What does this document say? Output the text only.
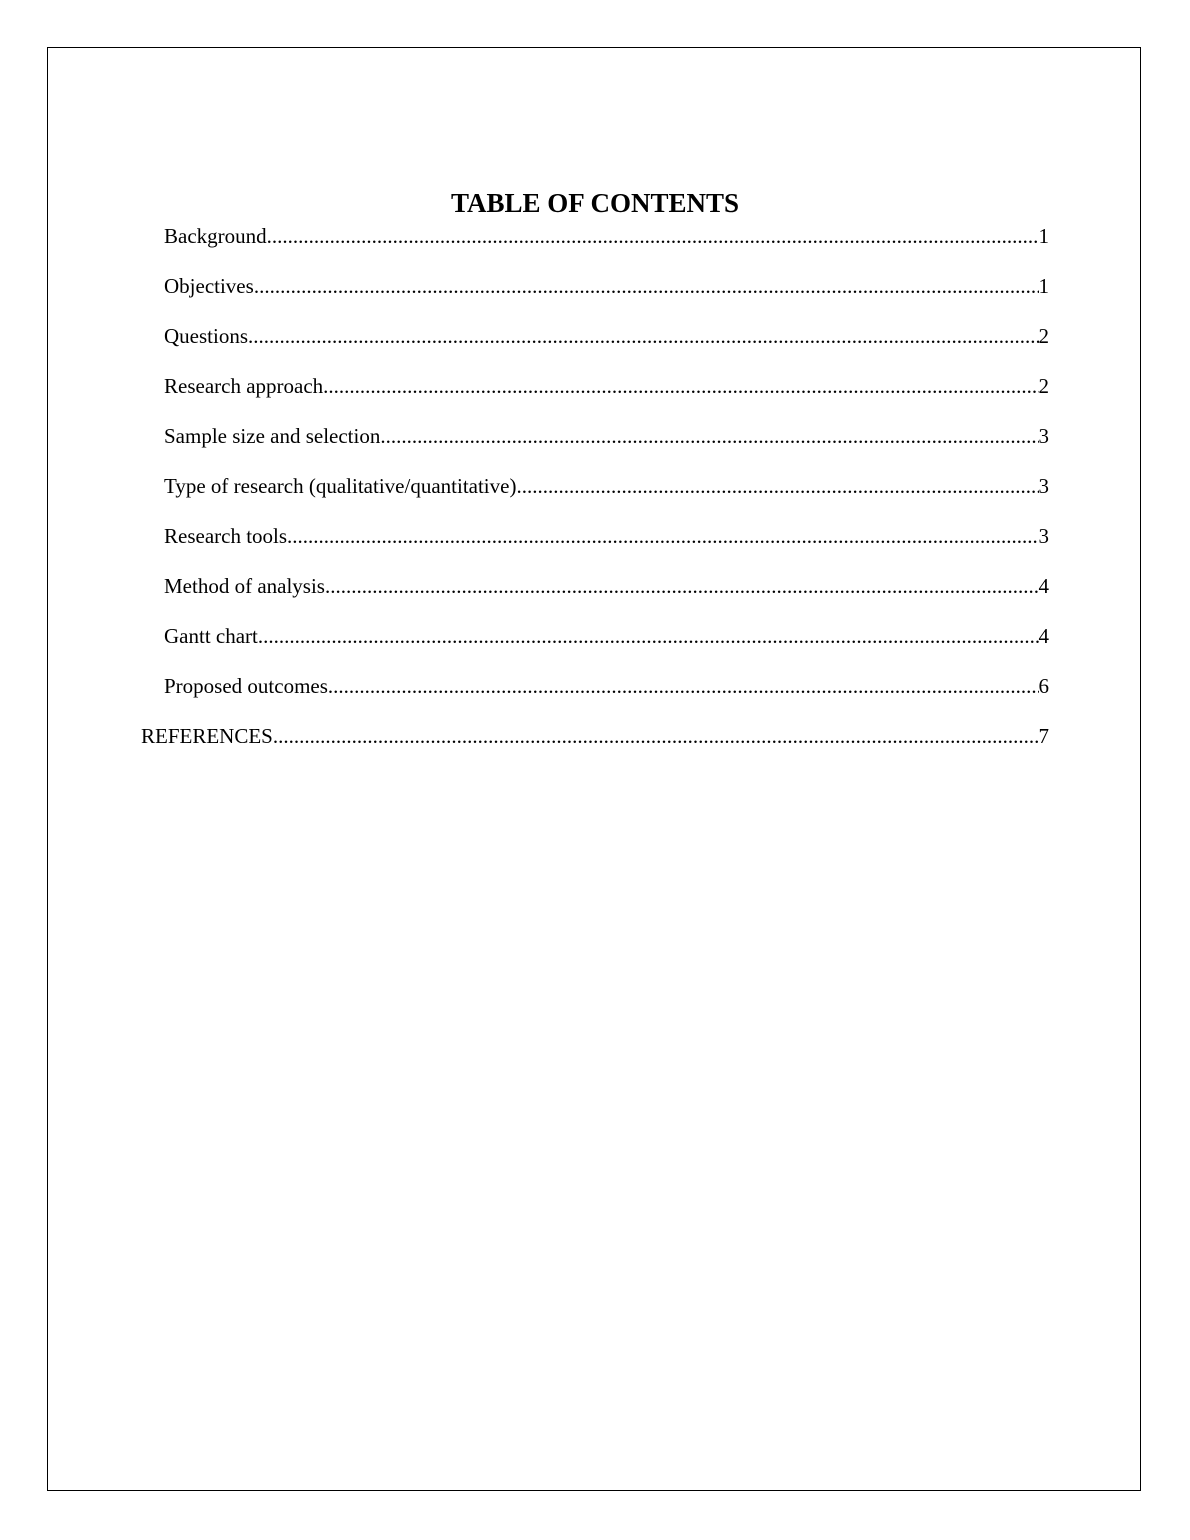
TABLE OF CONTENTS
Background .....	1
Objectives .....	1
Questions .....	2
Research approach .....	2
Sample size and selection .....	3
Type of research (qualitative/quantitative) .....	3
Research tools .....	3
Method of analysis .....	4
Gantt chart .....	4
Proposed outcomes .....	6
REFERENCES .....	7
